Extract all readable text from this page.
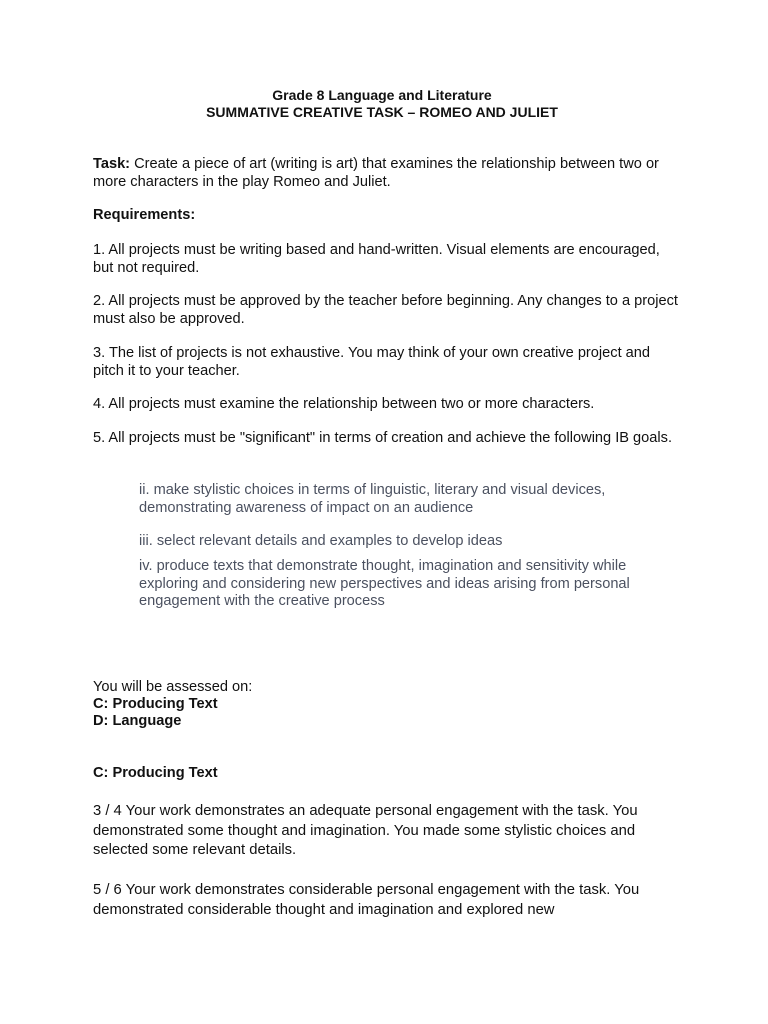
Grade 8 Language and Literature
SUMMATIVE CREATIVE TASK – ROMEO AND JULIET

Task: Create a piece of art (writing is art) that examines the relationship between two or more characters in the play Romeo and Juliet.

Requirements:

1. All projects must be writing based and hand-written. Visual elements are encouraged, but not required.

2. All projects must be approved by the teacher before beginning. Any changes to a project must also be approved.

3. The list of projects is not exhaustive. You may think of your own creative project and pitch it to your teacher.

4. All projects must examine the relationship between two or more characters.

5. All projects must be "significant" in terms of creation and achieve the following IB goals.

ii. make stylistic choices in terms of linguistic, literary and visual devices, demonstrating awareness of impact on an audience

iii. select relevant details and examples to develop ideas

iv. produce texts that demonstrate thought, imagination and sensitivity while exploring and considering new perspectives and ideas arising from personal engagement with the creative process

You will be assessed on:

C: Producing Text

D: Language

C: Producing Text

3 / 4 Your work demonstrates an adequate personal engagement with the task. You demonstrated some thought and imagination. You made some stylistic choices and selected some relevant details.

5 / 6 Your work demonstrates considerable personal engagement with the task. You demonstrated considerable thought and imagination and explored new
